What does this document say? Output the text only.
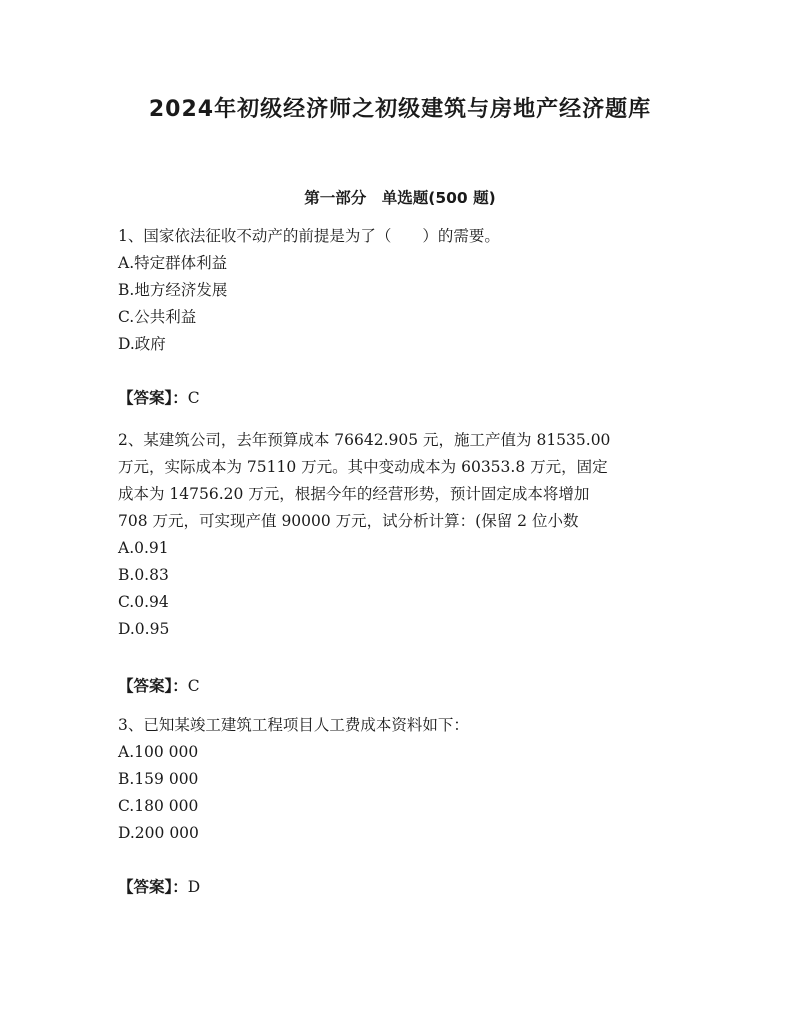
2024年初级经济师之初级建筑与房地产经济题库
第一部分　单选题(500 题)
1、国家依法征收不动产的前提是为了（　　）的需要。
A.特定群体利益
B.地方经济发展
C.公共利益
D.政府
【答案】：C
2、某建筑公司，去年预算成本 76642.905 元，施工产值为 81535.00
万元，实际成本为 75110 万元。其中变动成本为 60353.8 万元，固定
成本为 14756.20 万元，根据今年的经营形势，预计固定成本将增加
708 万元，可实现产值 90000 万元，试分析计算：(保留 2 位小数
A.0.91
B.0.83
C.0.94
D.0.95
【答案】：C
3、已知某竣工建筑工程项目人工费成本资料如下：
A.100 000
B.159 000
C.180 000
D.200 000
【答案】：D
